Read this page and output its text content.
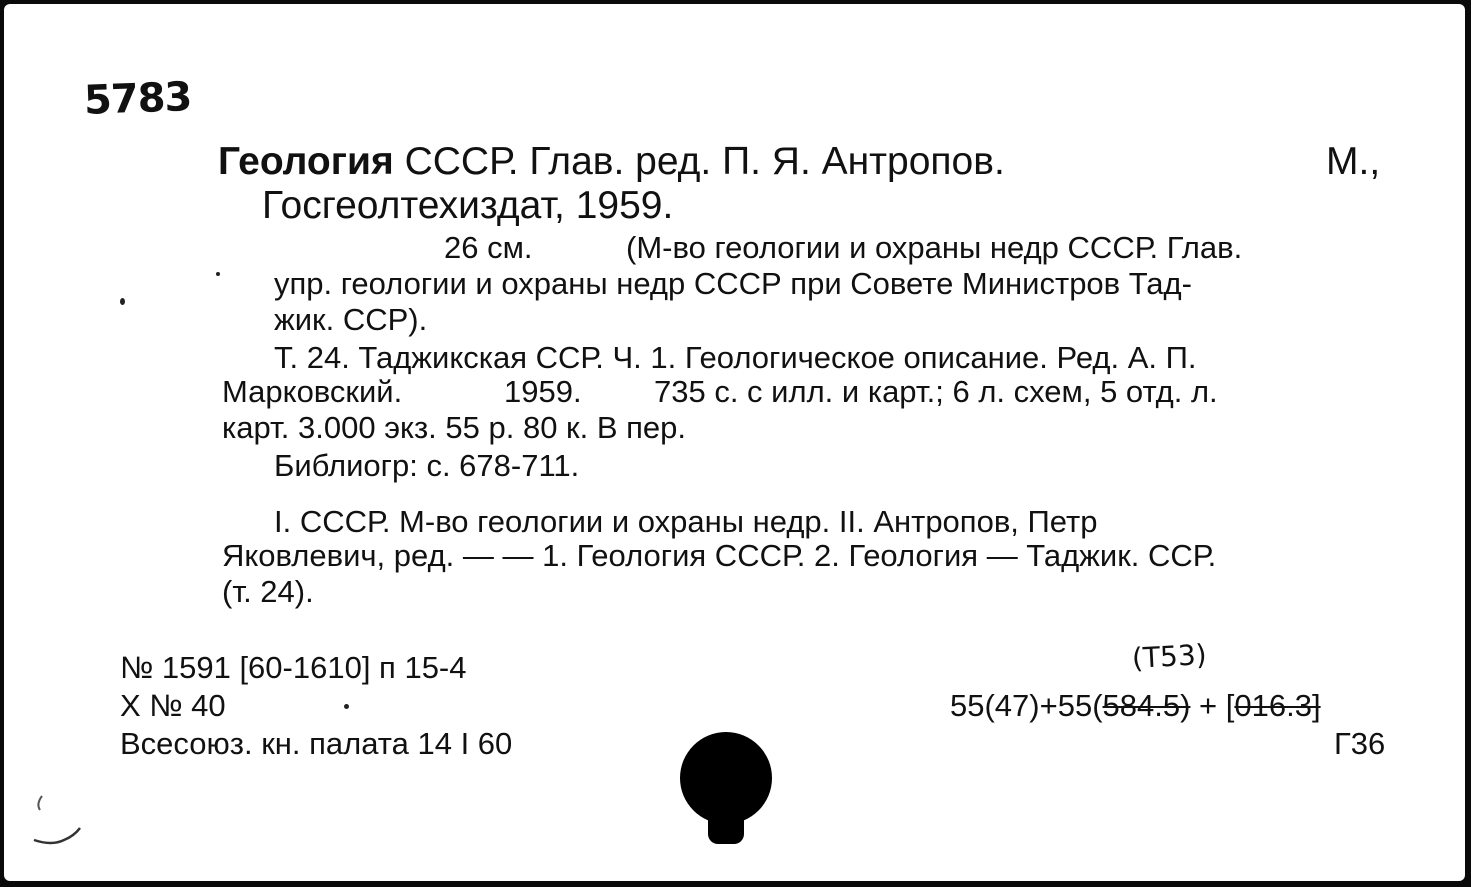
5783
Геология СССР. Глав. ред. П. Я. Антропов.	М.,
Госгеолтехиздат, 1959.
26 см.	(М-во геологии и охраны недр СССР. Глав.
упр. геологии и охраны недр СССР при Совете Министров Тад-
жик. ССР).
Т. 24. Таджикская ССР. Ч. 1. Геологическое описание. Ред. А. П.
Марковский.	1959. 735 с. с илл. и карт.; 6 л. схем, 5 отд. л.
карт. 3.000 экз. 55 р. 80 к. В пер.
Библиогр: с. 678-711.
I. СССР. М-во геологии и охраны недр. II. Антропов, Петр
Яковлевич, ред. — — 1. Геология СССР. 2. Геология — Таджик. ССР.
(т. 24).
№ 1591 [60-1610] п 15-4
Х № 40
Всесоюз. кн. палата 14 I 60
(Т53)
55(47)+55(584.5) + [016.3]
Г36
